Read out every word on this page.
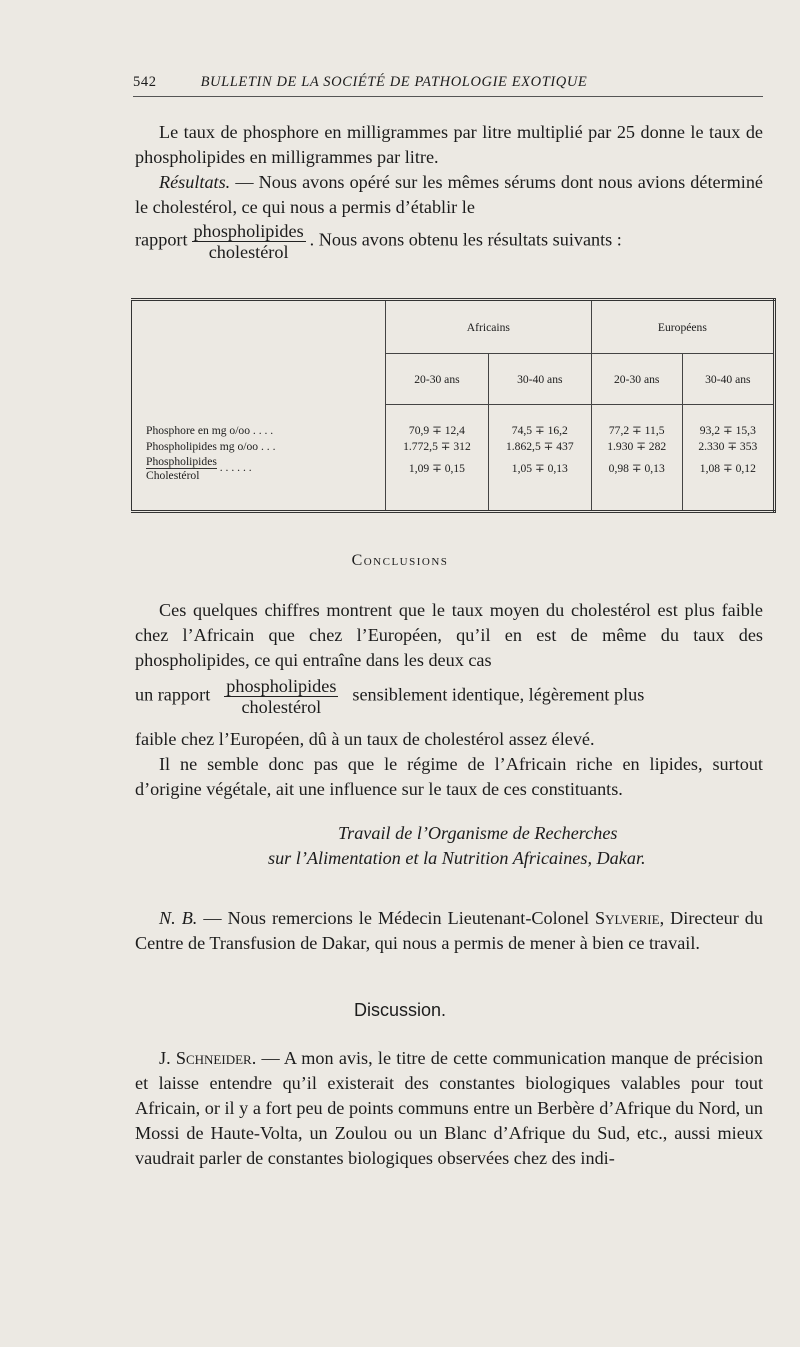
542	BULLETIN DE LA SOCIÉTÉ DE PATHOLOGIE EXOTIQUE
Le taux de phosphore en milligrammes par litre multiplié par 25 donne le taux de phospholipides en milligrammes par litre.
Résultats. — Nous avons opéré sur les mêmes sérums dont nous avions déterminé le cholestérol, ce qui nous a permis d’établir le
rapport $\frac{\text{phospholipides}}{\text{cholestérol}}$ . Nous avons obtenu les résultats suivants :
	Africains		Européens	
	20-30 ans	30-40 ans	20-30 ans	30-40 ans
Phosphore en mg o/oo . . . .	70,9 ∓ 12,4	74,5 ∓ 16,2	77,2 ∓ 11,5	93,2 ∓ 15,3
Phospholipides mg o/oo . . .	1.772,5 ∓ 312	1.862,5 ∓ 437	1.930 ∓ 282	2.330 ∓ 353

Phospholipides
Cholestérol . . . . . .	1,09 ∓ 0,15	1,05 ∓ 0,13	0,98 ∓ 0,13	1,08 ∓ 0,12
Conclusions
Ces quelques chiffres montrent que le taux moyen du cholestérol est plus faible chez l’Africain que chez l’Européen, qu’il en est de même du taux des phospholipides, ce qui entraîne dans les deux cas
un rapport $\frac{\text{phospholipides}}{\text{cholestérol}}$ sensiblement identique, légèrement plus
faible chez l’Européen, dû à un taux de cholestérol assez élevé.
Il ne semble donc pas que le régime de l’Africain riche en lipides, surtout d’origine végétale, ait une influence sur le taux de ces constituants.
Travail de l’Organisme de Recherches
sur l’Alimentation et la Nutrition Africaines, Dakar.
N. B. — Nous remercions le Médecin Lieutenant-Colonel Sylverie, Directeur du Centre de Transfusion de Dakar, qui nous a permis de mener à bien ce travail.
Discussion.
J. Schneider. — A mon avis, le titre de cette communication manque de précision et laisse entendre qu’il existerait des constantes biologiques valables pour tout Africain, or il y a fort peu de points communs entre un Berbère d’Afrique du Nord, un Mossi de Haute-Volta, un Zoulou ou un Blanc d’Afrique du Sud, etc., aussi mieux vaudrait parler de constantes biologiques observées chez des indi-
